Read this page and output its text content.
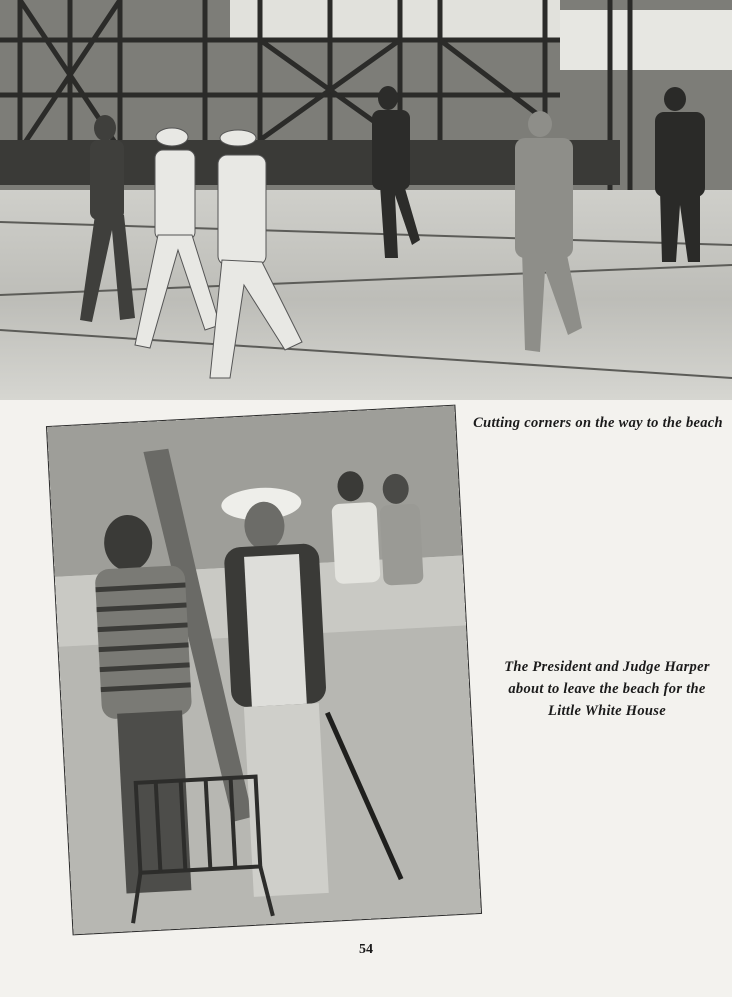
Cutting corners on the way to the beach
The President and Judge Harper about to leave the beach for the Little White House
54
